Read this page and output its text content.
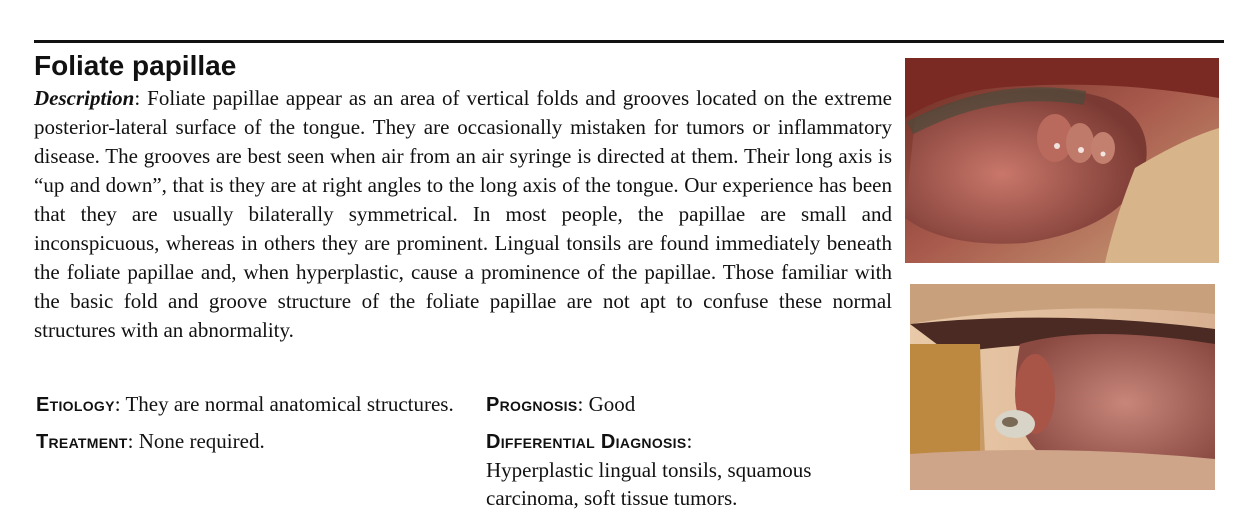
Foliate papillae
Description: Foliate papillae appear as an area of vertical folds and grooves located on the extreme posterior-lateral surface of the tongue. They are occasionally mistaken for tumors or inflammatory disease. The grooves are best seen when air from an air syringe is directed at them. Their long axis is “up and down”, that is they are at right angles to the long axis of the tongue. Our experience has been that they are usually bilaterally symmetrical. In most people, the papillae are small and inconspicuous, whereas in others they are prominent. Lingual tonsils are found immediately beneath the foliate papillae and, when hyperplastic, cause a prominence of the papillae. Those familiar with the basic fold and groove structure of the foliate papillae are not apt to confuse these normal structures with an abnormality.
Etiology: They are normal anatomical structures.
Treatment: None required.
Prognosis: Good
Differential Diagnosis:
Hyperplastic lingual tonsils, squamous carcinoma, soft tissue tumors.
